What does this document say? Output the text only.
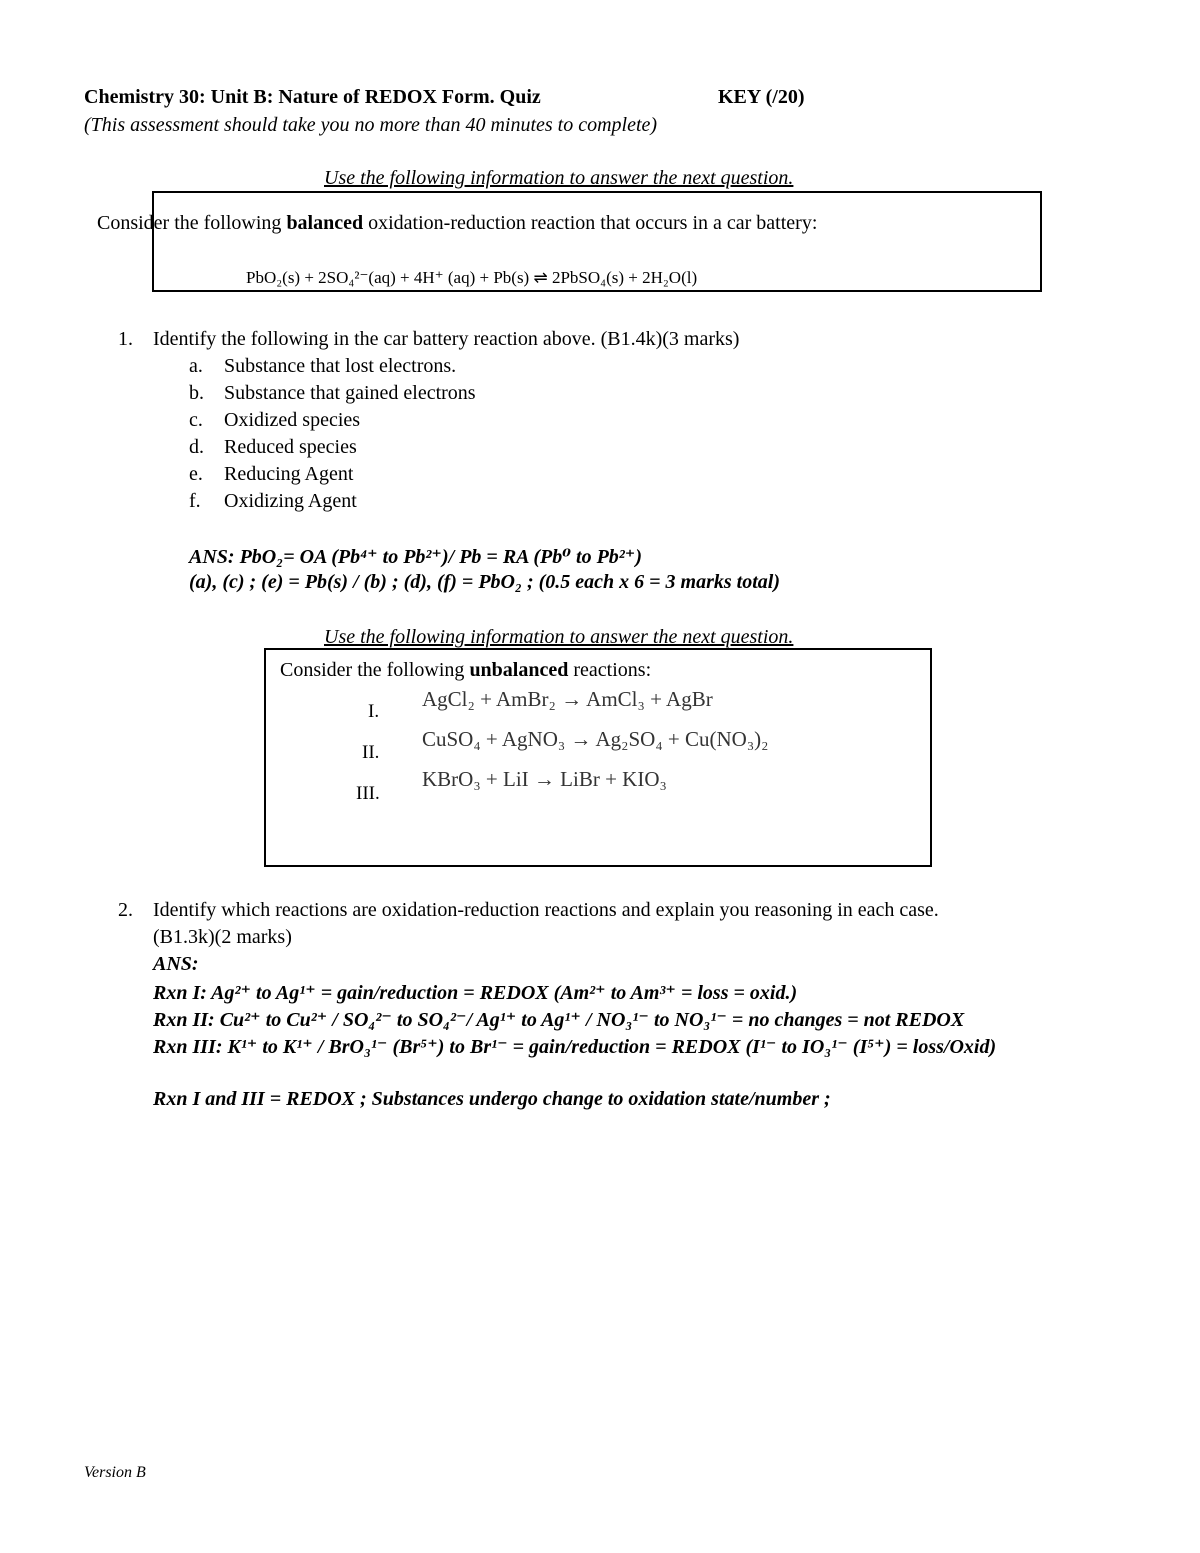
Chemistry 30: Unit B: Nature of REDOX Form. Quiz	KEY (/20)
(This assessment should take you no more than 40 minutes to complete)
Use the following information to answer the next question.
Consider the following balanced oxidation-reduction reaction that occurs in a car battery:
PbO₂(s) + 2SO₄²⁻(aq) + 4H⁺ (aq) + Pb(s) ⇌ 2PbSO₄(s) + 2H₂O(l)
1. Identify the following in the car battery reaction above. (B1.4k)(3 marks)
a. Substance that lost electrons.
b. Substance that gained electrons
c. Oxidized species
d. Reduced species
e. Reducing Agent
f. Oxidizing Agent
ANS: PbO₂= OA (Pb⁴⁺ to Pb²⁺)/ Pb = RA (Pb⁰ to Pb²⁺)
(a), (c) ; (e) = Pb(s) / (b) ; (d), (f) = PbO₂ ; (0.5 each x 6 = 3 marks total)
Use the following information to answer the next question.
Consider the following unbalanced reactions:
I.
AgCl₂ + AmBr₂ → AmCl₃ + AgBr
II.
CuSO₄ + AgNO₃ → Ag₂SO₄ + Cu(NO₃)₂
III.
KBrO₃ + LiI → LiBr + KIO₃
2. Identify which reactions are oxidation-reduction reactions and explain you reasoning in each case.
(B1.3k)(2 marks)
ANS:
Rxn I: Ag²⁺ to Ag¹⁺ = gain/reduction = REDOX (Am²⁺ to Am³⁺ = loss = oxid.)
Rxn II: Cu²⁺ to Cu²⁺ / SO₄²⁻ to SO₄²⁻/ Ag¹⁺ to Ag¹⁺ / NO₃¹⁻ to NO₃¹⁻ = no changes = not REDOX
Rxn III: K¹⁺ to K¹⁺ / BrO₃¹⁻ (Br⁵⁺) to Br¹⁻ = gain/reduction = REDOX (I¹⁻ to IO₃¹⁻ (I⁵⁺) = loss/Oxid)
Rxn I and III = REDOX ; Substances undergo change to oxidation state/number ;
Version B
